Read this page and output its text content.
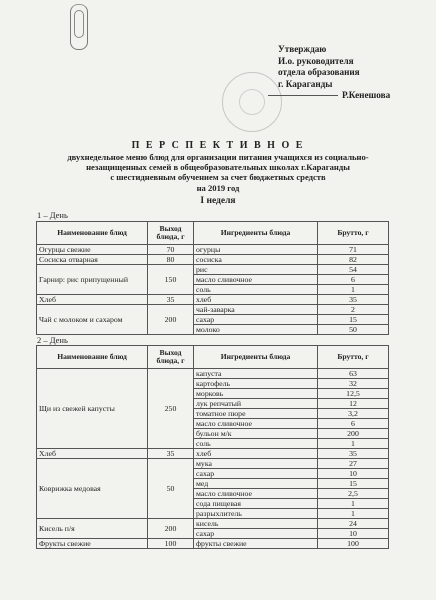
Утверждаю
И.о. руководителя
отдела образования
г. Караганды
Р.Кенешова
П Е Р С П Е К Т И В Н О Е
двухнедельное меню блюд для организации питания учащихся из социально-
незащищенных семей в общеобразовательных школах г.Караганды
с шестидневным обучением за счет бюджетных средств
на 2019 год
I неделя
1 – День
Наименование блюд	Выход блюда, г	Ингредиенты блюда	Брутто, г
Огурцы свежие	70	огурцы	71
Сосиска отварная	80	сосиска	82
Гарнир: рис припущенный	150	рис	54
		масло сливочное	6
		соль	1
Хлеб	35	хлеб	35
Чай с молоком и сахаром	200	чай-заварка	2
		сахар	15
		молоко	50
2 – День
Наименование блюд	Выход блюда, г	Ингредиенты блюда	Брутто, г
Щи из свежей капусты	250	капуста	63
		картофель	32
		морковь	12,5
		лук репчатый	12
		томатное пюре	3,2
		масло сливочное	6
		бульон м/к	200
		соль	1
Хлеб	35	хлеб	35
Коврижка медовая	50	мука	27
		сахар	10
		мед	15
		масло сливочное	2,5
		сода пищевая	1
		разрыхлитель	1
Кисель п/я	200	кисель	24
		сахар	10
Фрукты свежие	100	фрукты свежие	100
